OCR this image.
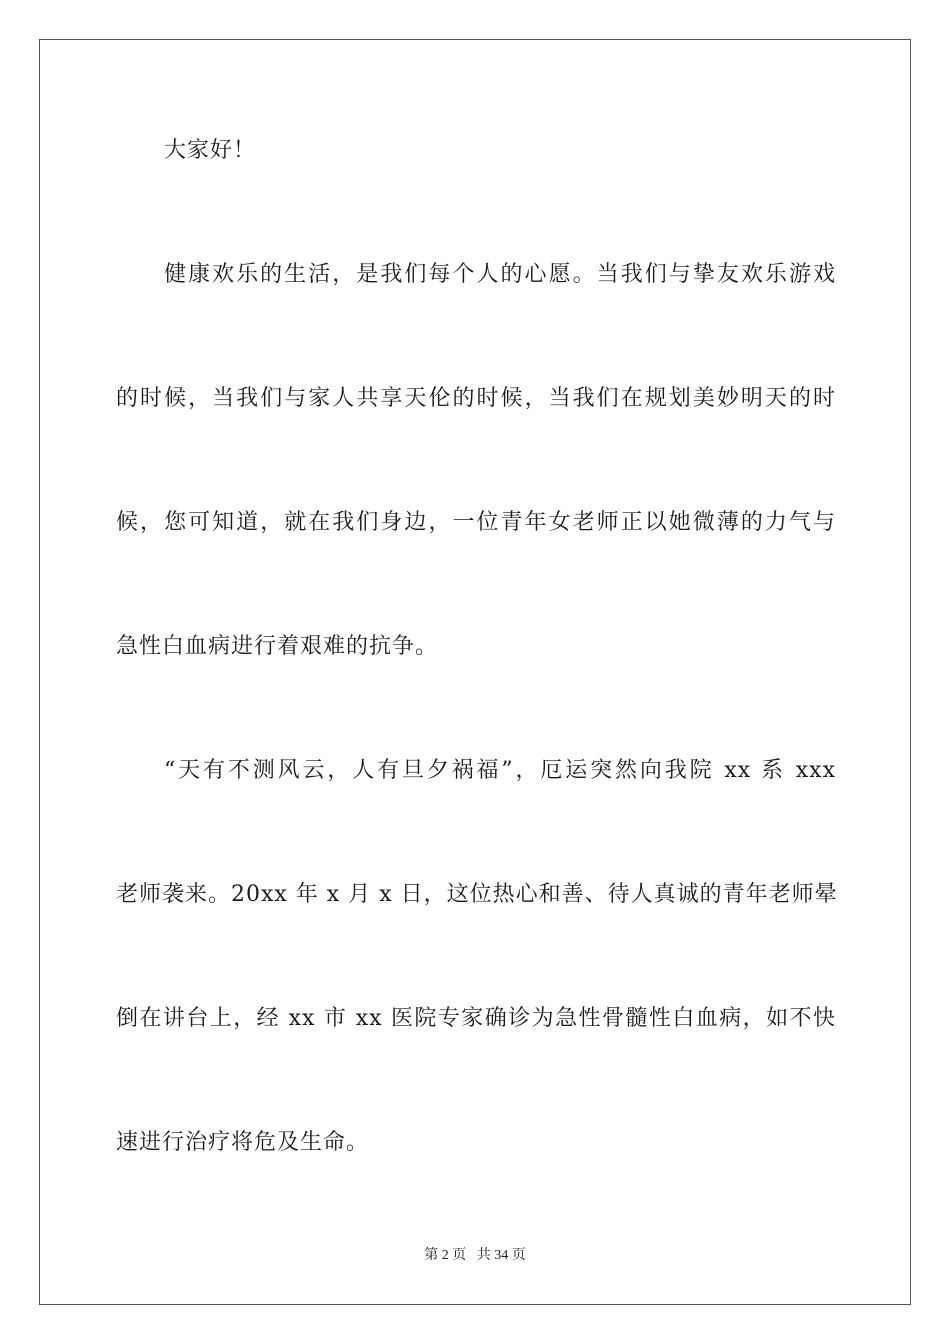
大家好！
健康欢乐的生活，是我们每个人的心愿。当我们与挚友欢乐游戏
的时候，当我们与家人共享天伦的时候，当我们在规划美妙明天的时
候，您可知道，就在我们身边，一位青年女老师正以她微薄的力气与
急性白血病进行着艰难的抗争。
“天有不测风云，人有旦夕祸福”，厄运突然向我院 xx 系 xxx
老师袭来。20xx 年 x 月 x 日，这位热心和善、待人真诚的青年老师晕
倒在讲台上，经 xx 市 xx 医院专家确诊为急性骨髓性白血病，如不快
速进行治疗将危及生命。
第 2 页 共 34 页
